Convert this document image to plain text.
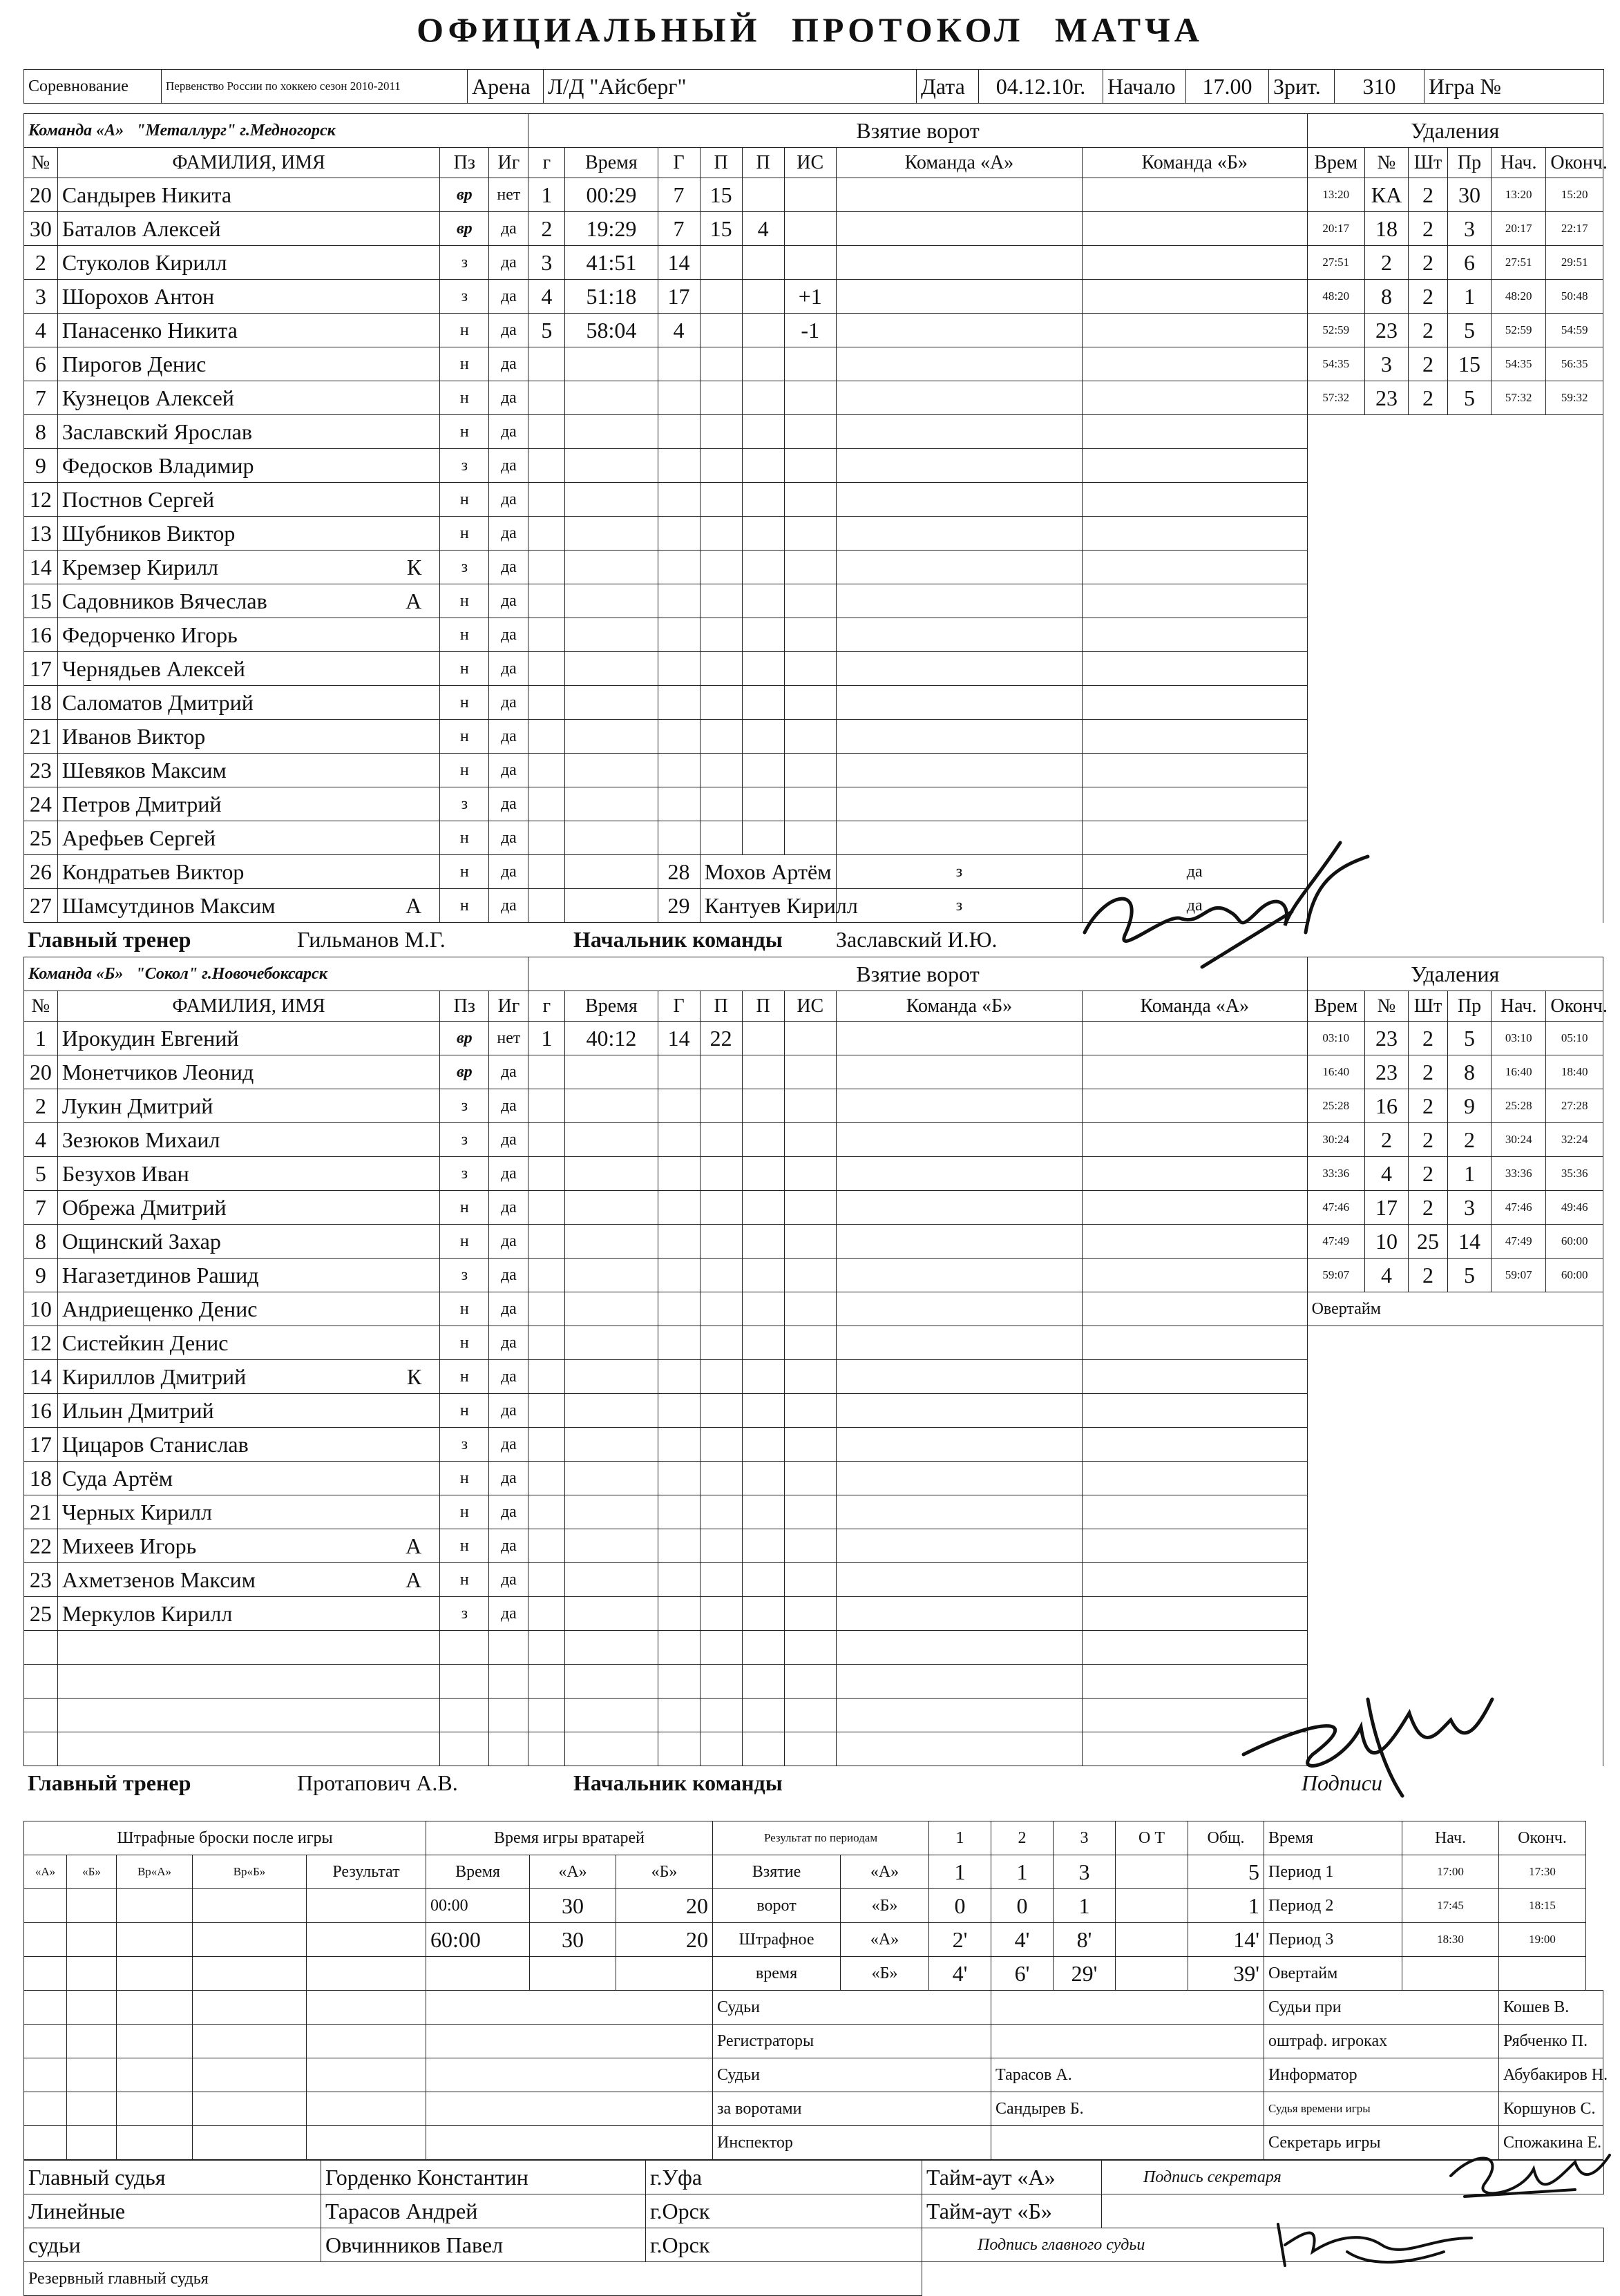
ОФИЦИАЛЬНЫЙ ПРОТОКОЛ МАТЧА
Соревнование	Первенство России по хоккею сезон 2010-2011	Арена	Л/Д "Айсберг"	Дата	04.12.10г.	Начало	17.00	Зрит.	310	Игра №
Команда «А» "Металлург" г.Медногорск				Взятие ворот								Удаления					
№	ФАМИЛИЯ, ИМЯ	Пз	Иг	г	Время	Г	П	П	ИС	Команда «А»	Команда «Б»	Врем	№	Шт	Пр	Нач.	Оконч.
20	Сандырев Никита	вр	нет	1	00:29	7	15					13:20	КА	2	30	13:20	15:20
30	Баталов Алексей	вр	да	2	19:29	7	15	4				20:17	18	2	3	20:17	22:17
2	Стуколов Кирилл	з	да	3	41:51	14						27:51	2	2	6	27:51	29:51
3	Шорохов Антон	з	да	4	51:18	17			+1			48:20	8	2	1	48:20	50:48
4	Панасенко Никита	н	да	5	58:04	4			-1			52:59	23	2	5	52:59	54:59
6	Пирогов Денис	н	да									54:35	3	2	15	54:35	56:35
7	Кузнецов Алексей	н	да									57:32	23	2	5	57:32	59:32
8	Заславский Ярослав	н	да														
9	Федосков Владимир	з	да														
12	Постнов Сергей	н	да														
13	Шубников Виктор	н	да														
14	Кремзер Кирилл К	з	да														
15	Садовников Вячеслав А	н	да														
16	Федорченко Игорь	н	да														
17	Чернядьев Алексей	н	да														
18	Саломатов Дмитрий	н	да														
21	Иванов Виктор	н	да														
23	Шевяков Максим	н	да														
24	Петров Дмитрий	з	да														
25	Арефьев Сергей	н	да														
26	Кондратьев Виктор	н	да			28	Мохов Артём			з	да						
27	Шамсутдинов Максим А	н	да			29	Кантуев Кирилл			з	да						
Главный тренер	Гильманов М.Г.	Начальник команды	Заславский И.Ю.
Команда «Б» "Сокол" г.Новочебоксарск				Взятие ворот								Удаления					
№	ФАМИЛИЯ, ИМЯ	Пз	Иг	г	Время	Г	П	П	ИС	Команда «Б»	Команда «А»	Врем	№	Шт	Пр	Нач.	Оконч.
1	Ирокудин Евгений	вр	нет	1	40:12	14	22					03:10	23	2	5	03:10	05:10
20	Монетчиков Леонид	вр	да									16:40	23	2	8	16:40	18:40
2	Лукин Дмитрий	з	да									25:28	16	2	9	25:28	27:28
4	Зезюков Михаил	з	да									30:24	2	2	2	30:24	32:24
5	Безухов Иван	з	да									33:36	4	2	1	33:36	35:36
7	Обрежа Дмитрий	н	да									47:46	17	2	3	47:46	49:46
8	Ощинский Захар	н	да									47:49	10	25	14	47:49	60:00
9	Нагазетдинов Рашид	з	да									59:07	4	2	5	59:07	60:00
10	Андриещенко Денис	н	да									Овертайм					
12	Систейкин Денис	н	да														
14	Кириллов Дмитрий К	н	да														
16	Ильин Дмитрий	н	да														
17	Цицаров Станислав	з	да														
18	Суда Артём	н	да														
21	Черных Кирилл	н	да														
22	Михеев Игорь А	н	да														
23	Ахметзенов Максим А	н	да														
25	Меркулов Кирилл	з	да														

Главный тренер	Протапович А.В.	Начальник команды	Подписи
Штрафные броски после игры					Время игры вратарей			Результат по периодам		1	2	3	О Т	Общ.	Время	Нач.	Оконч.
«А»	«Б»	Вр«А»	Вр«Б»	Результат	Время	«А»	«Б»	Взятие	«А»	1	1	3		5	Период 1	17:00	17:30
					00:00	30	20	ворот	«Б»	0	0	1		1	Период 2	17:45	18:15
					60:00	30	20	Штрафное	«А»	2'	4'	8'		14'	Период 3	18:30	19:00
								время	«Б»	4'	6'	29'		39'	Овертайм		
								Судьи							Судьи при		Кошев В.
								Регистраторы							оштраф. игроках		Рябченко П.
								Судьи			Тарасов А.				Информатор		Абубакиров Н.
								за воротами			Сандырев Б.				Судья времени игры		Коршунов С.
								Инспектор							Секретарь игры		Спожакина Е.
Главный судья	Горденко Константин	г.Уфа	Тайм-аут «А»	Подпись секретаря
Линейные	Тарасов Андрей	г.Орск	Тайм-аут «Б»	
судьи	Овчинников Павел	г.Орск	Подпись главного судьи	
Резервный главный судья				
